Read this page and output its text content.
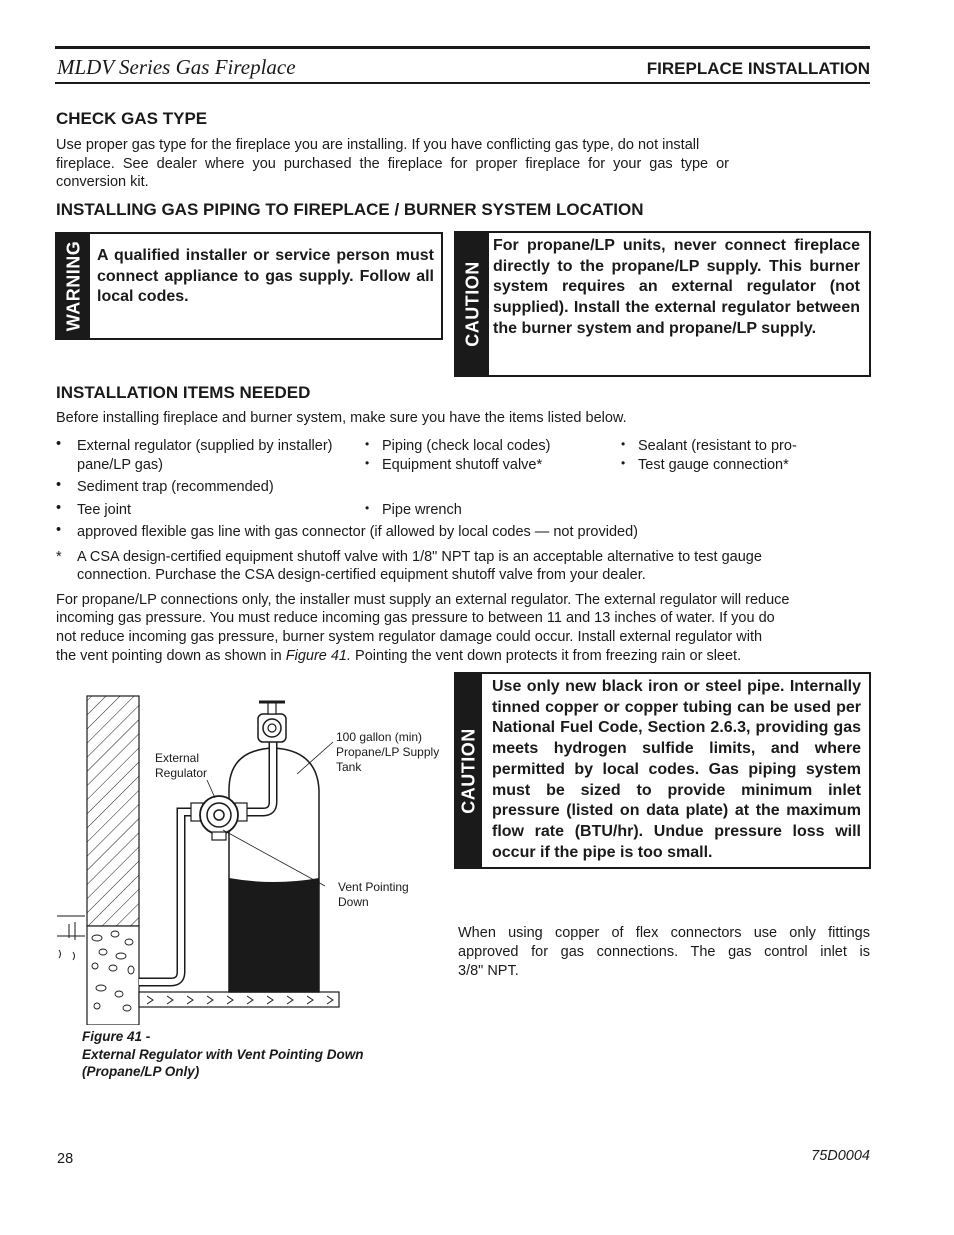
MLDV Series Gas Fireplace	FIREPLACE INSTALLATION
CHECK GAS TYPE
Use proper gas type for the fireplace you are installing. If you have conflicting gas type, do not install
fireplace. See dealer where you purchased the fireplace for proper fireplace for your gas type or
conversion kit.
INSTALLING GAS PIPING TO FIREPLACE / BURNER SYSTEM LOCATION
WARNING A qualified installer or service person must connect appliance to gas supply. Follow all local codes.	CAUTION
For propane/LP units, never connect fireplace directly to the propane/LP supply. This burner system requires an external regulator (not supplied). Install the external regulator between the burner system and propane/LP supply.
INSTALLATION ITEMS NEEDED
Before installing fireplace and burner system, make sure you have the items listed below.
• External regulator (supplied by installer)
pane/LP gas)
• Sediment trap (recommended)
• Tee joint
• Piping (check local codes)
• Equipment shutoff valve*
• Pipe wrench
• Sealant (resistant to pro-
• Test gauge connection*
• approved flexible gas line with gas connector (if allowed by local codes — not provided)
* A CSA design-certified equipment shutoff valve with 1/8" NPT tap is an acceptable alternative to test gauge
connection. Purchase the CSA design-certified equipment shutoff valve from your dealer.
For propane/LP connections only, the installer must supply an external regulator. The external regulator will reduce
incoming gas pressure. You must reduce incoming gas pressure to between 11 and 13 inches of water. If you do
not reduce incoming gas pressure, burner system regulator damage could occur. Install external regulator with
the vent pointing down as shown in Figure 41. Pointing the vent down protects it from freezing rain or sleet.
CAUTION
Use only new black iron or steel pipe. Internally tinned copper or copper tubing can be used per National Fuel Code, Section 2.6.3, providing gas meets hydrogen sulfide limits, and where permitted by local codes. Gas piping system must be sized to provide minimum inlet pressure (listed on data plate) at the maximum flow rate (BTU/hr). Undue pressure loss will occur if the pipe is too small.
When using copper of flex connectors use only fittings
approved for gas connections. The gas control inlet is
3/8" NPT.
External
Regulator
100 gallon (min)
Propane/LP Supply
Tank
Vent Pointing
Down
Figure 41 -
External Regulator with Vent Pointing Down
(Propane/LP Only)
28	75D0004
